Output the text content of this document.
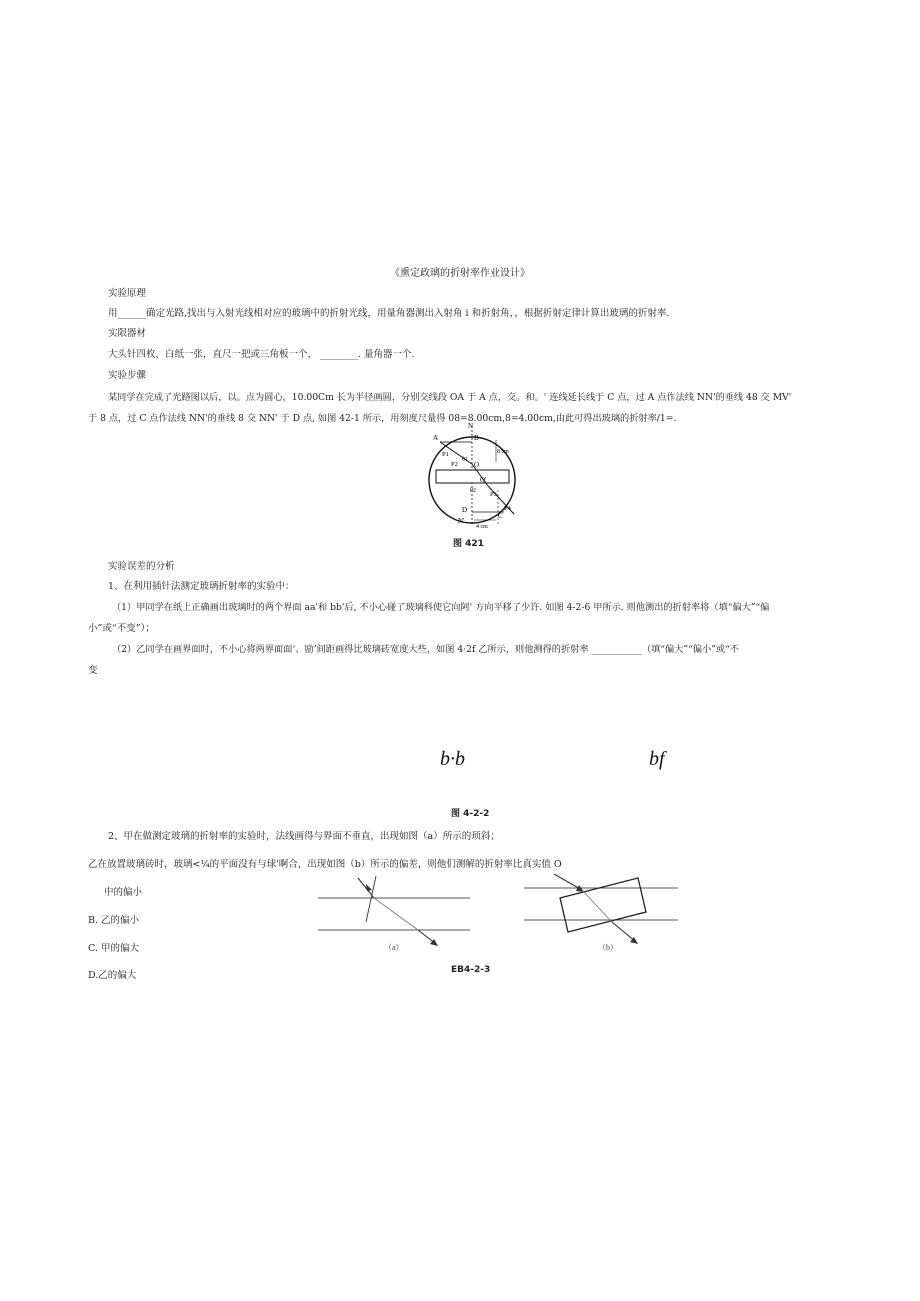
《熏定政璃的折射率作业设计》
实验原理
用______确定光路,找出与入射光线相对应的玻璃中的折射光线，用量角器测出入射角 i 和折射角，，根据折射定律计算出玻璃的折射率.
实限器材
大头针四枚，白纸一张，直尺一把或三角板一个， ________. 量角器一个.
实验步骤
某同学在完成了光路图以后，以。点为圆心，10.00Cm 长为半径画圆，分别交线段 OA 于 A 点，交。和。' 连线延长线于 C 点，过 A 点作法线 NN'的垂线 48 交 MV'
于 8 点，过 C 点作法线 NN'的垂线 8 交 NN' 于 D 点, 如图 42-1 所示，用刻度尺量得 08=8.00cm,8=4.00cm,由此可得出玻璃的折射率/1=.
N
A	B
P1
P2
θ1
O
8 cm
O'
θ2 P3
P4
D
C
N'
4 cm
图 421
实验误差的分析
1、在利用插针法测定玻璃折射率的实验中：
（1）甲同学在纸上正确画出玻璃时的两个界面 aa'和 bb'后, 不小心碰了玻璃科使它向阿' 方向平移了少许. 如图 4-2-6 甲所示. 则他测出的折射率将（填“偏大”“偏
小”或“不变”）；
（2）乙同学在画界面时，不小心将两界面面‘、励’间距画得比玻璃砖宽度大些，如图 4·2f 乙所示，则他测得的折射率 ___________（填“偏大”“偏小”或“不
变
b·b	bf
图 4-2-2
2、甲在做测定玻璃的折射率的实验时，法线画得与界面不垂直，出现如图（a）所示的顼斜；
乙在放置玻璃砖时，玻璃<¼的平面没有与球'啊合，出现如图（b）所示的偏差，则他们测解的折射率比真实值 O
中的偏小
B. 乙的偏小
C. 甲的偏大
D.乙的偏大
（a）	（b）
EB4-2-3
